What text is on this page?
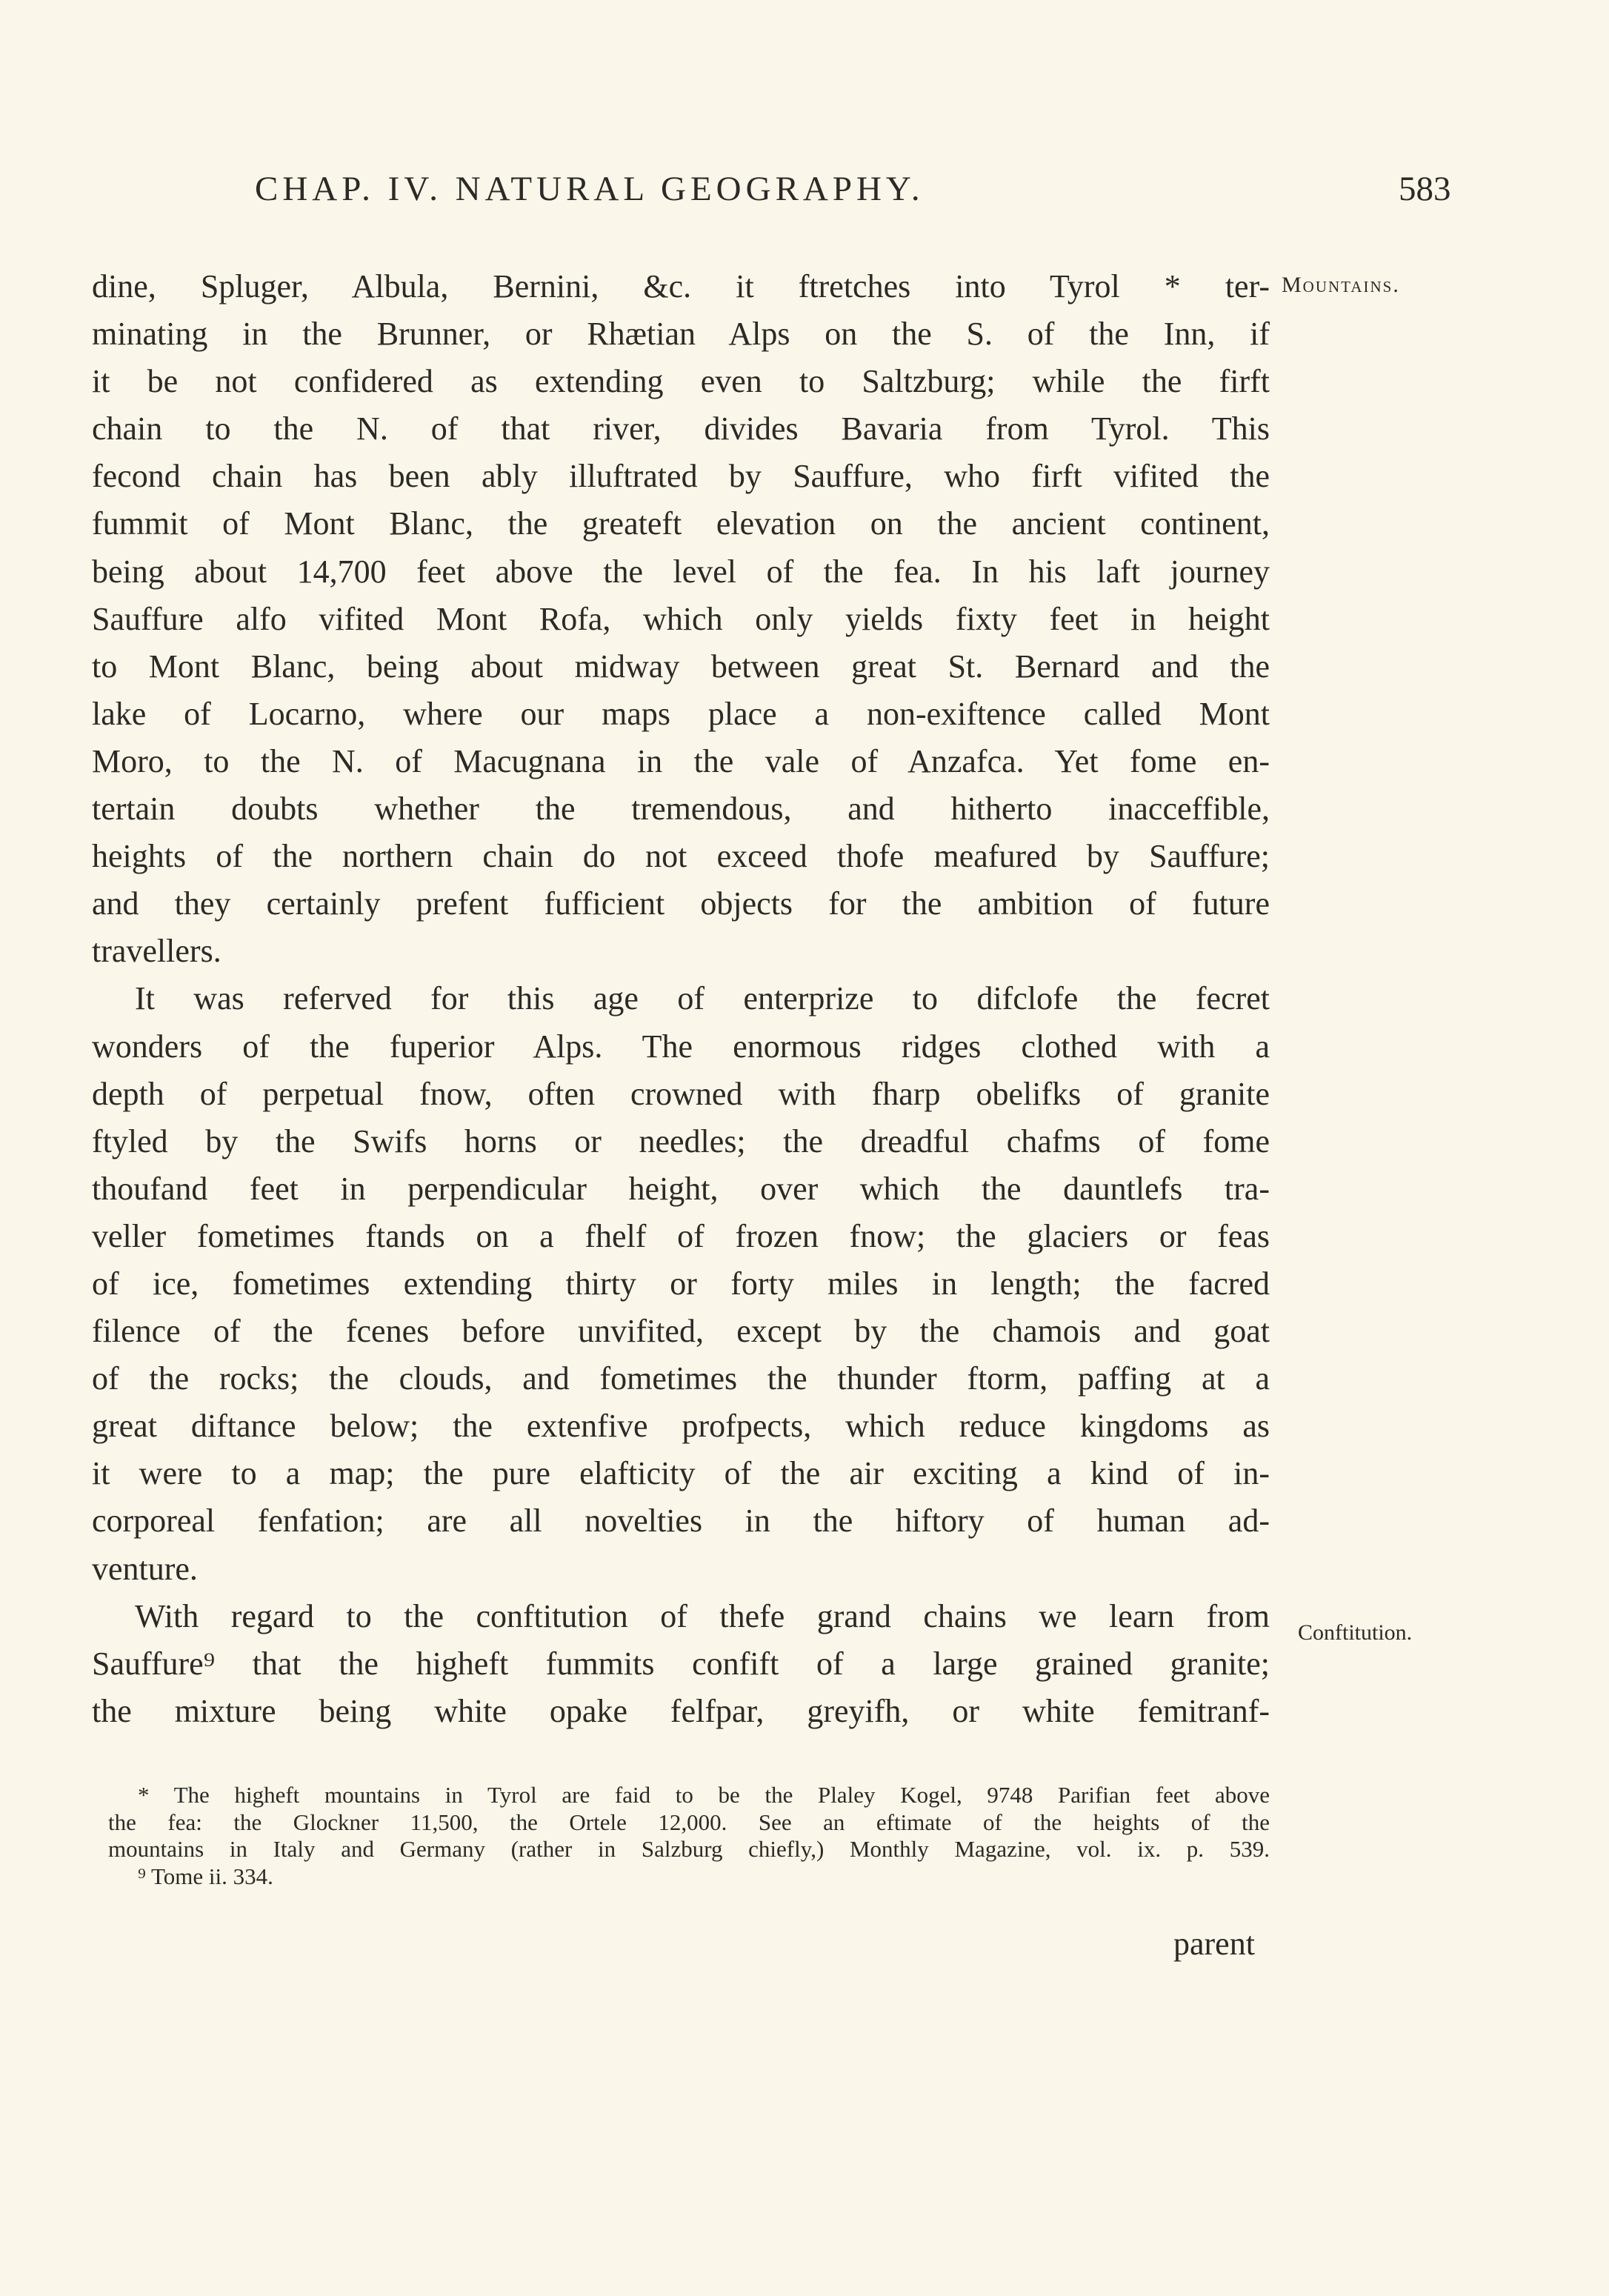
CHAP. IV. NATURAL GEOGRAPHY.	583
Mountains.
Conftitution.
dine, Spluger, Albula, Bernini, &c. it ftretches into Tyrol * ter-
minating in the Brunner, or Rhætian Alps on the S. of the Inn, if
it be not confidered as extending even to Saltzburg; while the firft
chain to the N. of that river, divides Bavaria from Tyrol. This
fecond chain has been ably illuftrated by Sauffure, who firft vifited the
fummit of Mont Blanc, the greateft elevation on the ancient continent,
being about 14,700 feet above the level of the fea. In his laft journey
Sauffure alfo vifited Mont Rofa, which only yields fixty feet in height
to Mont Blanc, being about midway between great St. Bernard and the
lake of Locarno, where our maps place a non-exiftence called Mont
Moro, to the N. of Macugnana in the vale of Anzafca. Yet fome en-
tertain doubts whether the tremendous, and hitherto inacceffible,
heights of the northern chain do not exceed thofe meafured by Sauffure;
and they certainly prefent fufficient objects for the ambition of future
travellers.
It was referved for this age of enterprize to difclofe the fecret
wonders of the fuperior Alps. The enormous ridges clothed with a
depth of perpetual fnow, often crowned with fharp obelifks of granite
ftyled by the Swifs horns or needles; the dreadful chafms of fome
thoufand feet in perpendicular height, over which the dauntlefs tra-
veller fometimes ftands on a fhelf of frozen fnow; the glaciers or feas
of ice, fometimes extending thirty or forty miles in length; the facred
filence of the fcenes before unvifited, except by the chamois and goat
of the rocks; the clouds, and fometimes the thunder ftorm, paffing at a
great diftance below; the extenfive profpects, which reduce kingdoms as
it were to a map; the pure elafticity of the air exciting a kind of in-
corporeal fenfation; are all novelties in the hiftory of human ad-
venture.
With regard to the conftitution of thefe grand chains we learn from
Sauffure⁹ that the higheft fummits confift of a large grained granite;
the mixture being white opake felfpar, greyifh, or white femitranf-
* The higheft mountains in Tyrol are faid to be the Plaley Kogel, 9748 Parifian feet above
the fea: the Glockner 11,500, the Ortele 12,000. See an eftimate of the heights of the
mountains in Italy and Germany (rather in Salzburg chiefly,) Monthly Magazine, vol. ix. p. 539.
⁹ Tome ii. 334.
parent
